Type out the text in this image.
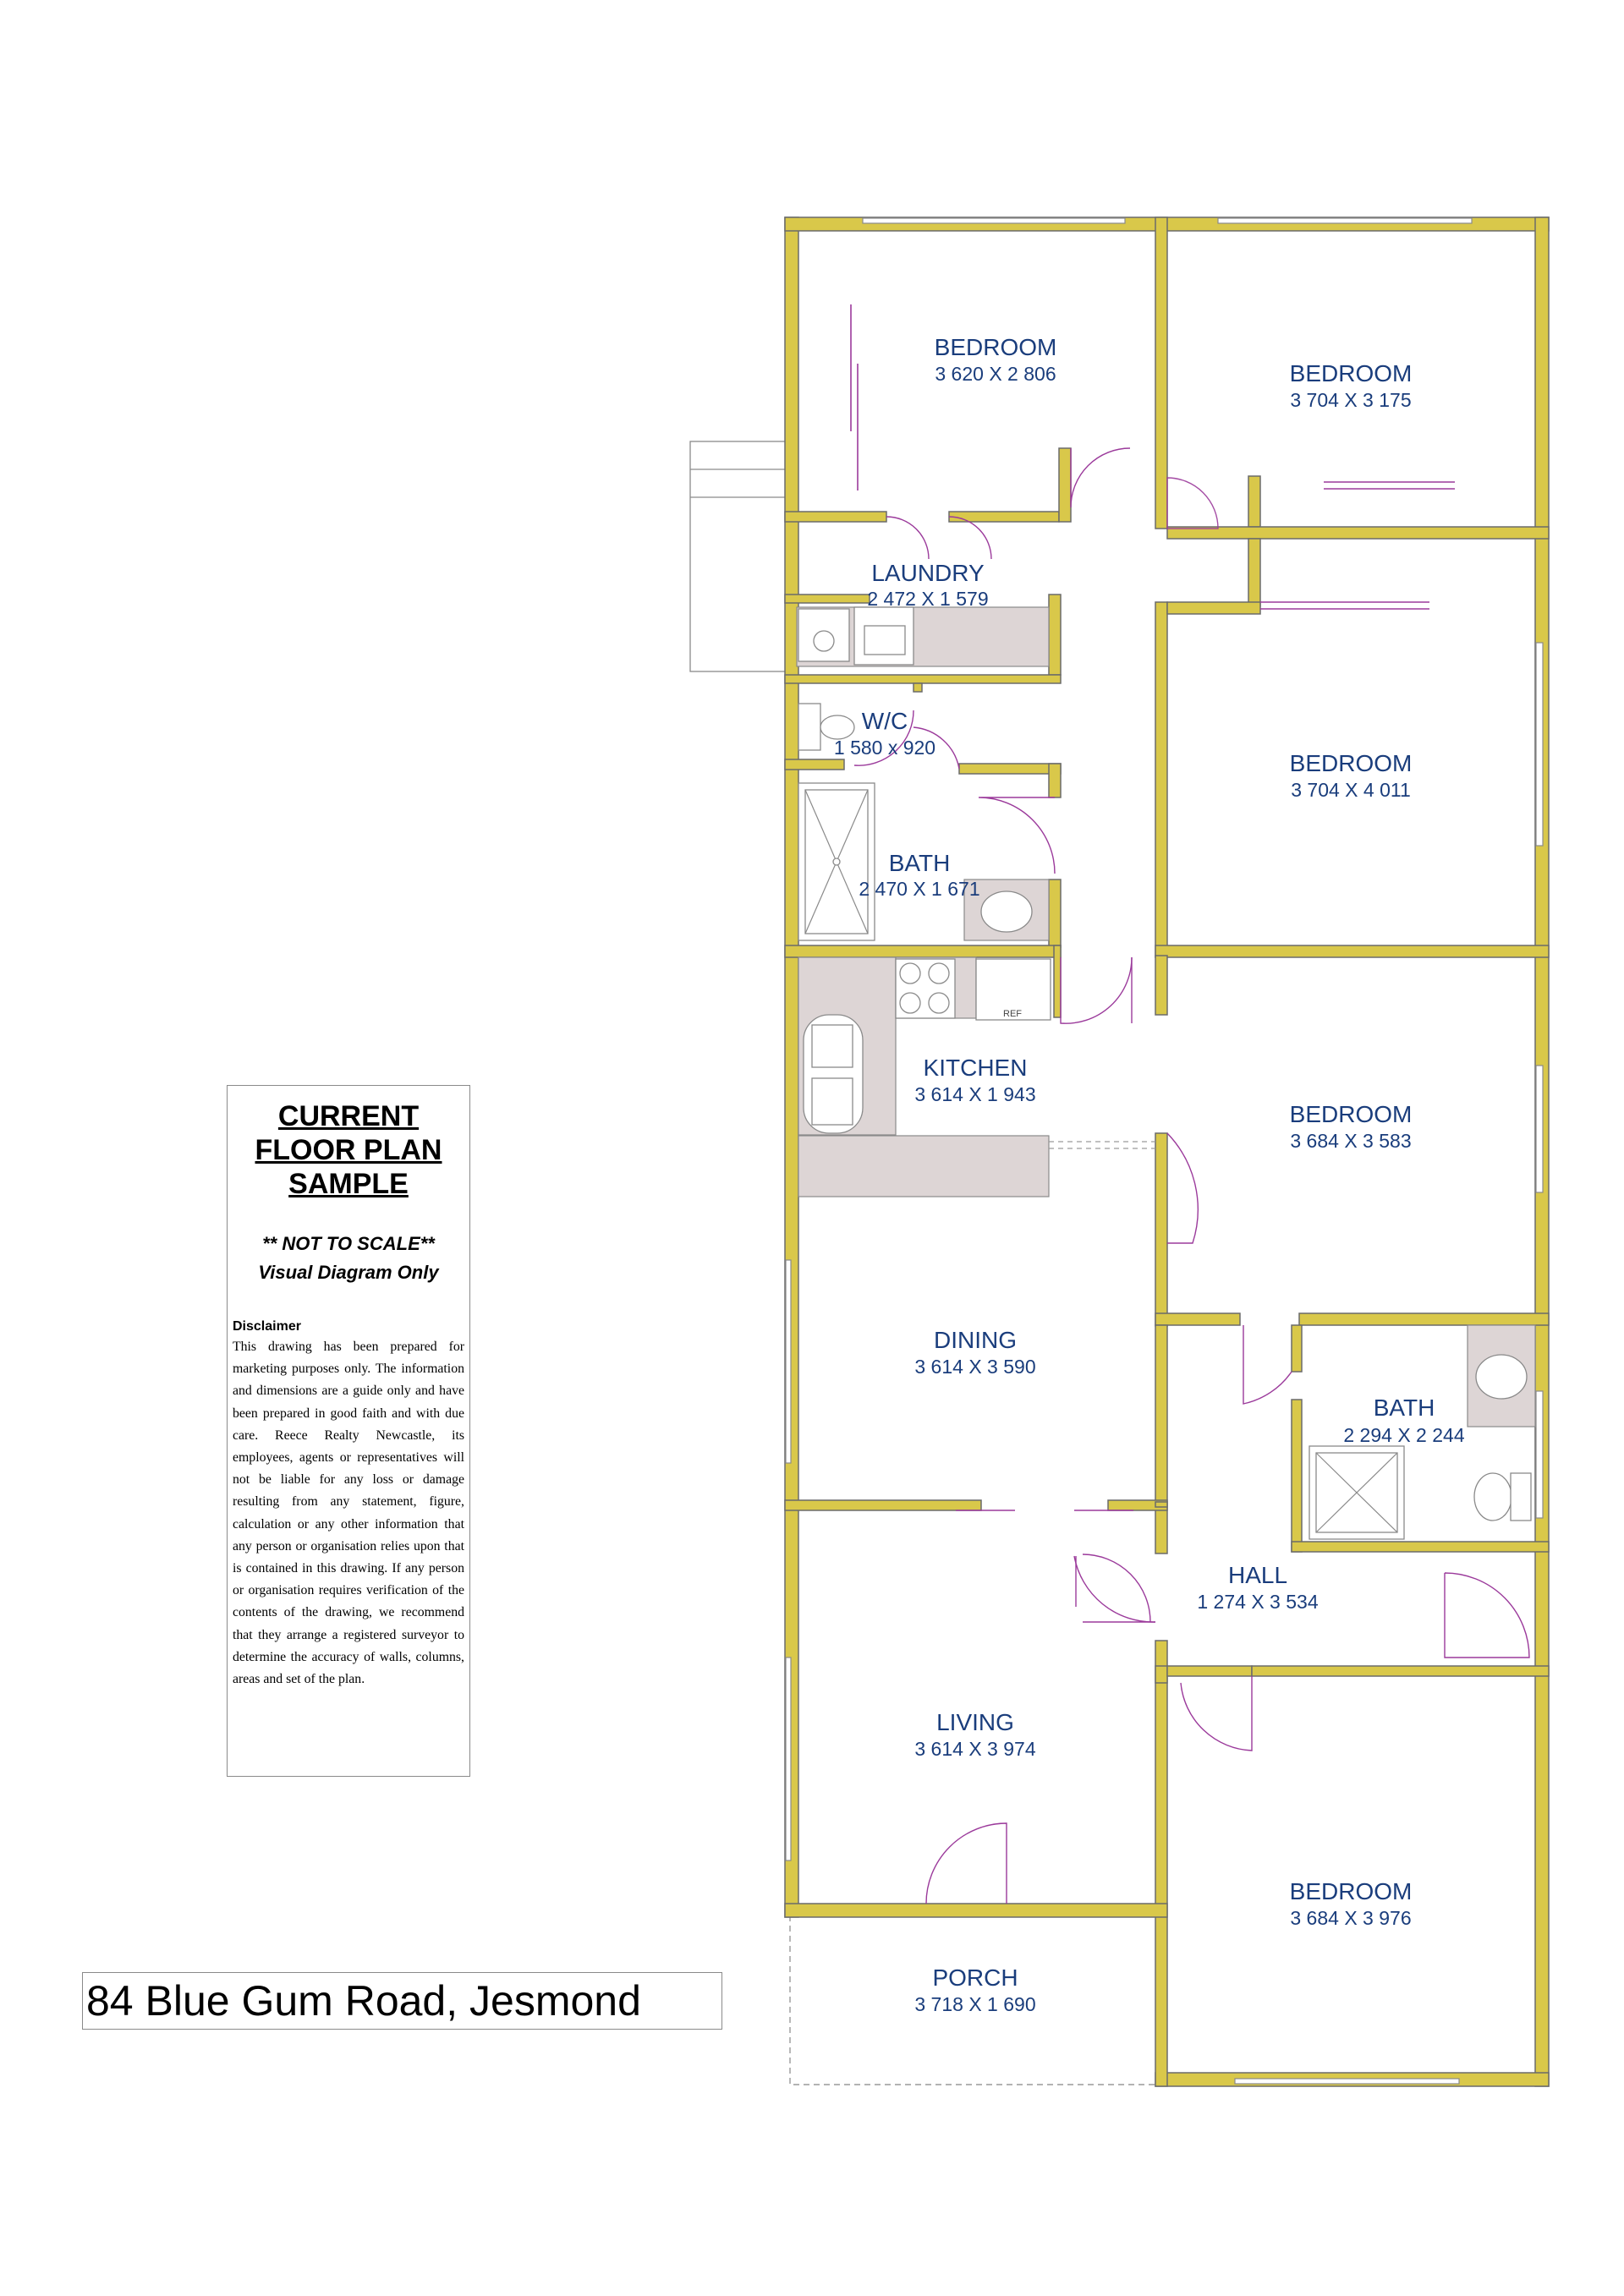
REF
BEDROOM
3 620 X 2 806	BEDROOM
3 704 X 3 175
LAUNDRY
2 472 X 1 579
W/C
1 580 x 920
BEDROOM
3 704 X 4 011
BATH
2 470 X 1 671
KITCHEN
3 614 X 1 943
BEDROOM
3 684 X 3 583
DINING
3 614 X 3 590
BATH
2 294 X 2 244
HALL
1 274 X 3 534
LIVING
3 614 X 3 974
BEDROOM
3 684 X 3 976
PORCH
3 718 X 1 690
CURRENT
FLOOR PLAN
SAMPLE
** NOT TO SCALE**
Visual Diagram Only
Disclaimer
This drawing has been prepared for marketing purposes only. The information and dimensions are a guide only and have been prepared in good faith and with due care. Reece Realty Newcastle, its employees, agents or representatives will not be liable for any loss or damage resulting from any statement, figure, calculation or any other information that any person or organisation relies upon that is contained in this drawing. If any person or organisation requires verification of the contents of the drawing, we recommend that they arrange a registered surveyor to determine the accuracy of walls, columns, areas and set of the plan.
84 Blue Gum Road, Jesmond
